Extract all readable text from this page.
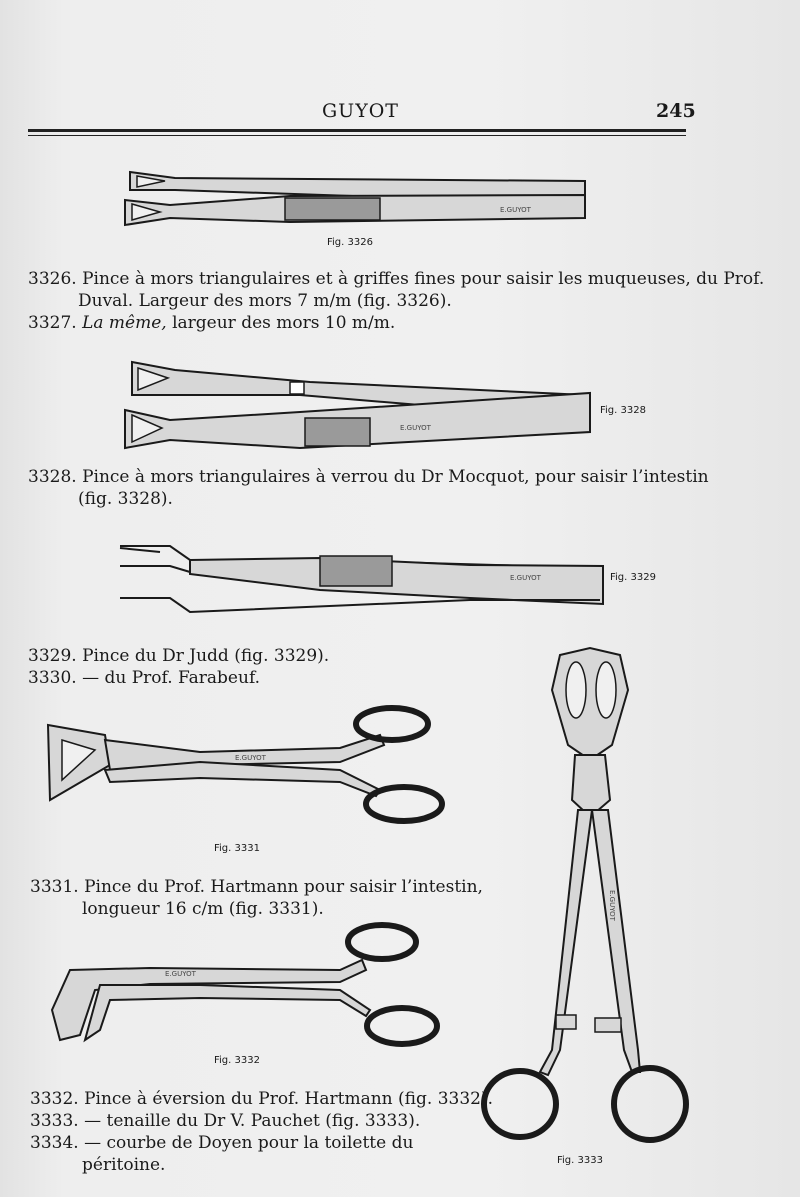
GUYOT	245
E.GUYOT
Fig. 3326
3326. Pince à mors triangulaires et à griffes fines pour saisir les muqueuses, du Prof.
Duval. Largeur des mors 7 m/m (fig. 3326).
3327. La même, largeur des mors 10 m/m.
E.GUYOT
Fig. 3328
3328. Pince à mors triangulaires à verrou du Dr Mocquot, pour saisir l’intestin
(fig. 3328).
E.GUYOT	Fig. 3329
3329. Pince du Dr Judd (fig. 3329).
3330. — du Prof. Farabeuf.
E.GUYOT
Fig. 3331
3331. Pince du Prof. Hartmann pour saisir l’intestin,
longueur 16 c/m (fig. 3331).
E.GUYOT
Fig. 3332
3332. Pince à éversion du Prof. Hartmann (fig. 3332).
3333. — tenaille du Dr V. Pauchet (fig. 3333).
3334. — courbe de Doyen pour la toilette du
péritoine.
E.GUYOT
Fig. 3333
